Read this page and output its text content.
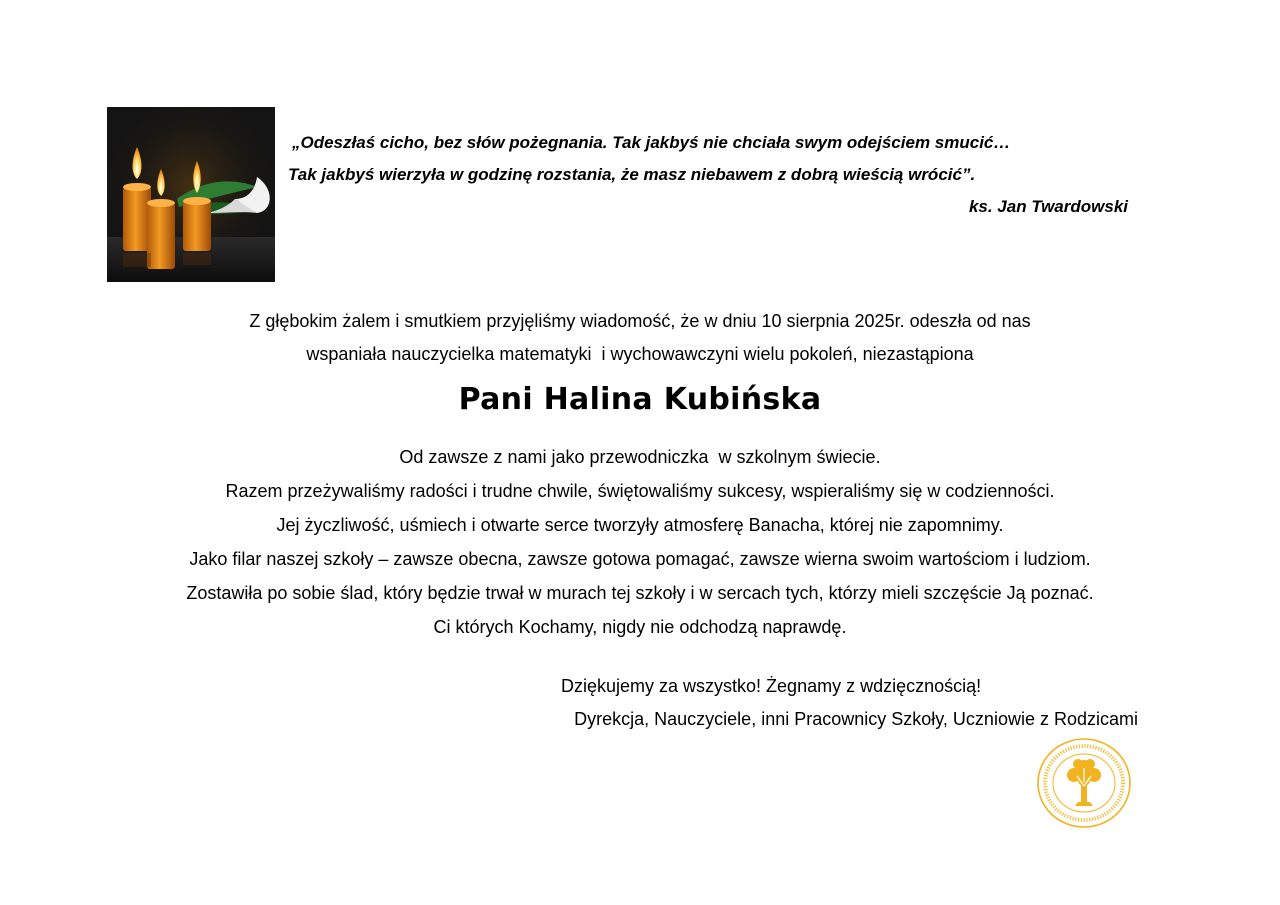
„Odeszłaś cicho, bez słów pożegnania. Tak jakbyś nie chciała swym odejściem smucić…
Tak jakbyś wierzyła w godzinę rozstania, że masz niebawem z dobrą wieścią wrócić”.
ks. Jan Twardowski
Z głębokim żalem i smutkiem przyjęliśmy wiadomość, że w dniu 10 sierpnia 2025r. odeszła od nas
wspaniała nauczycielka matematyki  i wychowawczyni wielu pokoleń, niezastąpiona
Pani Halina Kubińska
Od zawsze z nami jako przewodniczka  w szkolnym świecie.
Razem przeżywaliśmy radości i trudne chwile, świętowaliśmy sukcesy, wspieraliśmy się w codzienności.
Jej życzliwość, uśmiech i otwarte serce tworzyły atmosferę Banacha, której nie zapomnimy.
Jako filar naszej szkoły – zawsze obecna, zawsze gotowa pomagać, zawsze wierna swoim wartościom i ludziom.
Zostawiła po sobie ślad, który będzie trwał w murach tej szkoły i w sercach tych, którzy mieli szczęście Ją poznać.
Ci których Kochamy, nigdy nie odchodzą naprawdę.
Dziękujemy za wszystko! Żegnamy z wdzięcznością!
Dyrekcja, Nauczyciele, inni Pracownicy Szkoły, Uczniowie z Rodzicami
